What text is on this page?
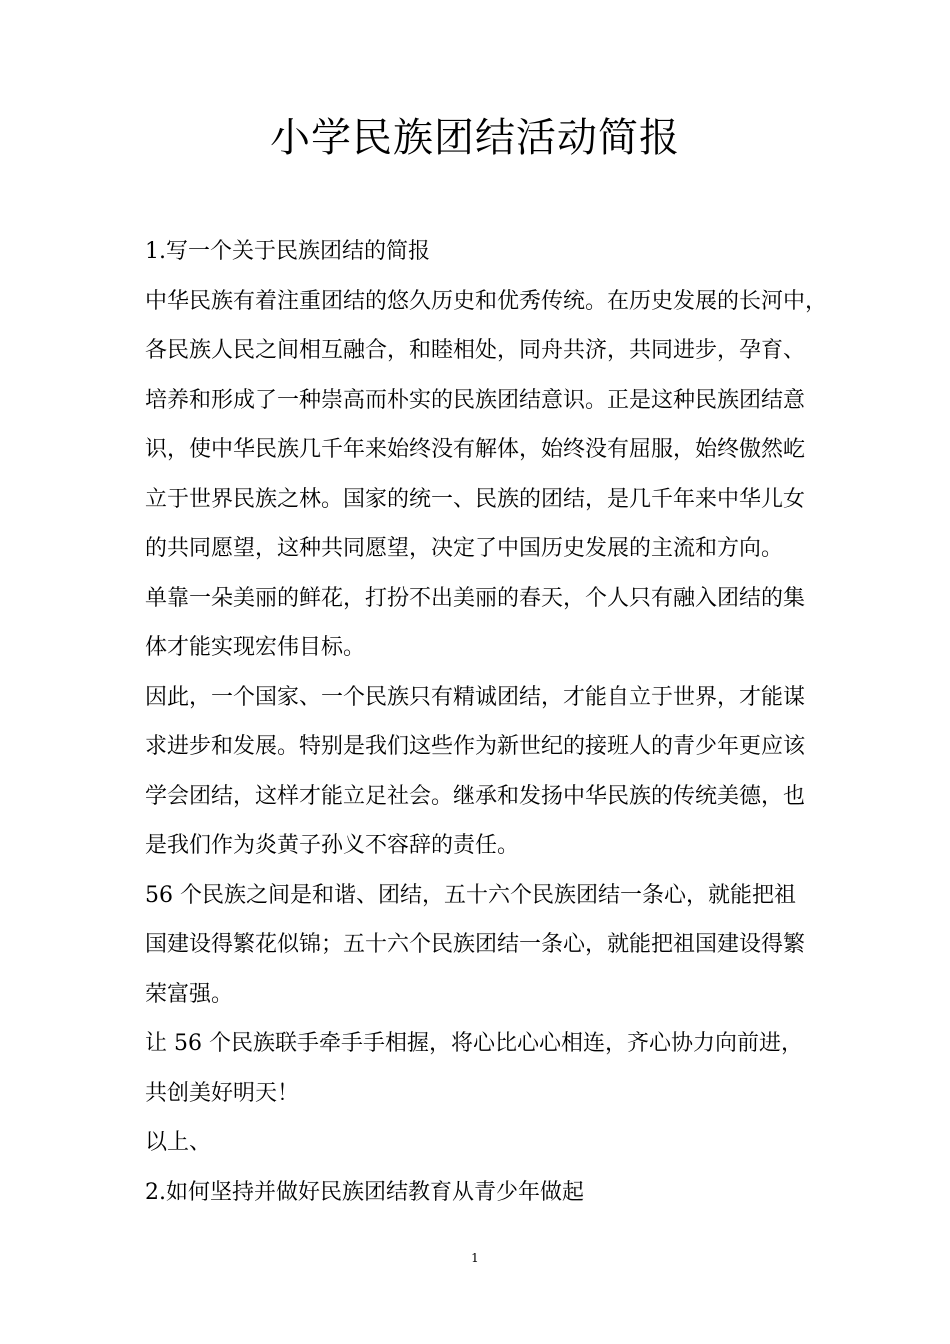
小学民族团结活动简报
1.写一个关于民族团结的简报
中华民族有着注重团结的悠久历史和优秀传统。在历史发展的长河中，
各民族人民之间相互融合，和睦相处，同舟共济，共同进步，孕育、
培养和形成了一种崇高而朴实的民族团结意识。正是这种民族团结意
识，使中华民族几千年来始终没有解体，始终没有屈服，始终傲然屹
立于世界民族之林。国家的统一、民族的团结，是几千年来中华儿女
的共同愿望，这种共同愿望，决定了中国历史发展的主流和方向。
单靠一朵美丽的鲜花，打扮不出美丽的春天，个人只有融入团结的集
体才能实现宏伟目标。
因此，一个国家、一个民族只有精诚团结，才能自立于世界，才能谋
求进步和发展。特别是我们这些作为新世纪的接班人的青少年更应该
学会团结，这样才能立足社会。继承和发扬中华民族的传统美德，也
是我们作为炎黄子孙义不容辞的责任。
56 个民族之间是和谐、团结，五十六个民族团结一条心，就能把祖
国建设得繁花似锦；五十六个民族团结一条心，就能把祖国建设得繁
荣富强。
让 56 个民族联手牵手手相握，将心比心心相连，齐心协力向前进，
共创美好明天！
以上、
2.如何坚持并做好民族团结教育从青少年做起
1
